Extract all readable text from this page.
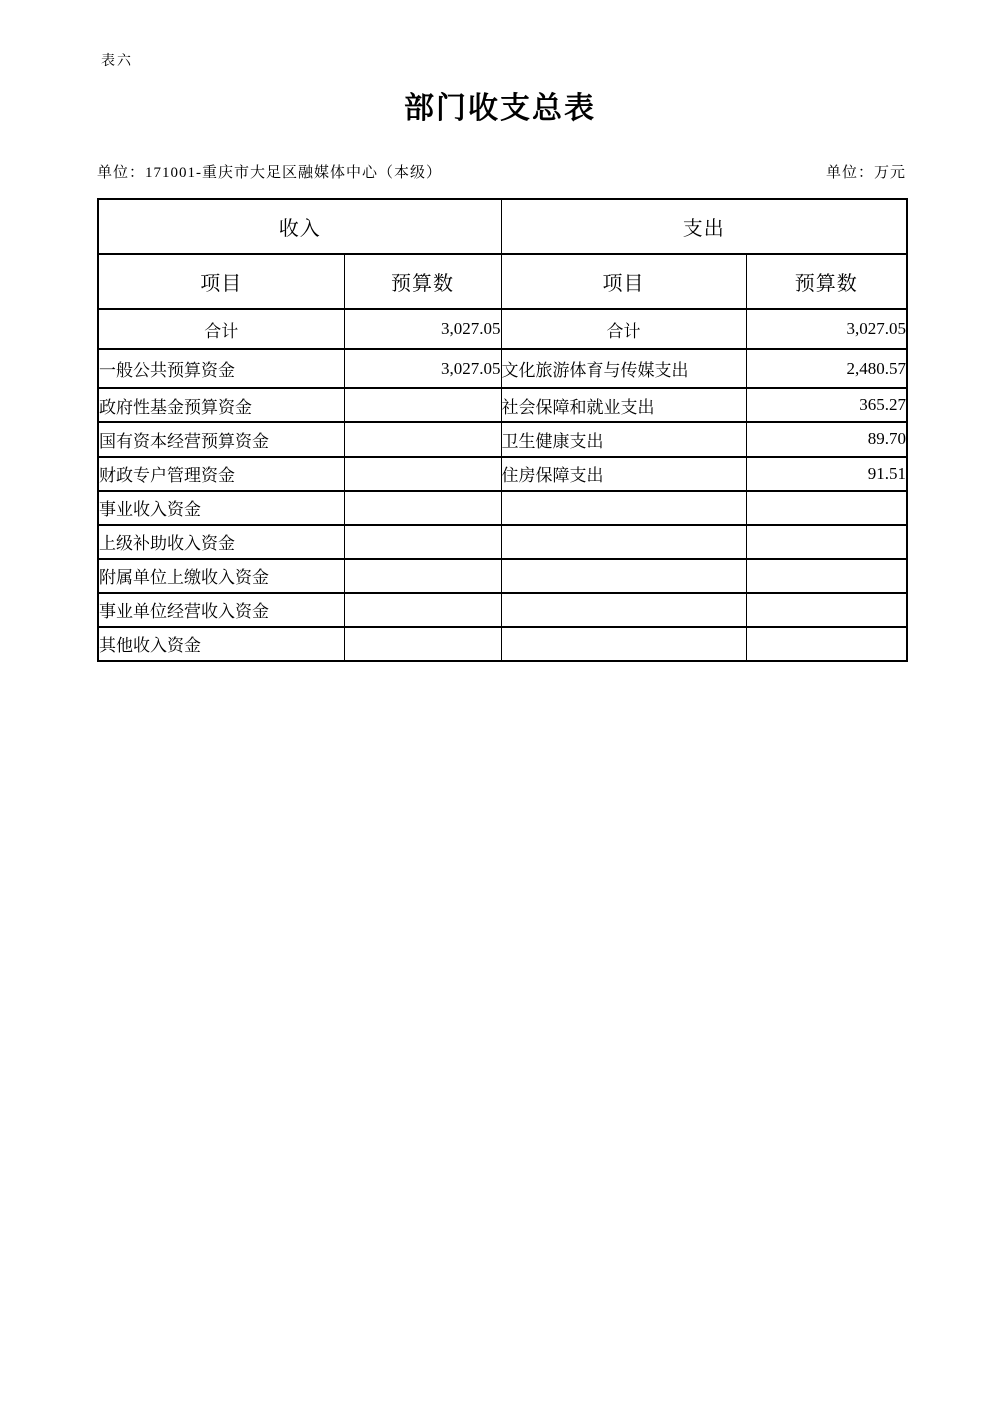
表六
部门收支总表
单位：171001-重庆市大足区融媒体中心（本级）	单位：万元
收入		支出	
项目	预算数	项目	预算数
合计	3,027.05	合计	3,027.05
一般公共预算资金	3,027.05	文化旅游体育与传媒支出	2,480.57
政府性基金预算资金		社会保障和就业支出	365.27
国有资本经营预算资金		卫生健康支出	89.70
财政专户管理资金		住房保障支出	91.51
事业收入资金			
上级补助收入资金			
附属单位上缴收入资金			
事业单位经营收入资金			
其他收入资金			
